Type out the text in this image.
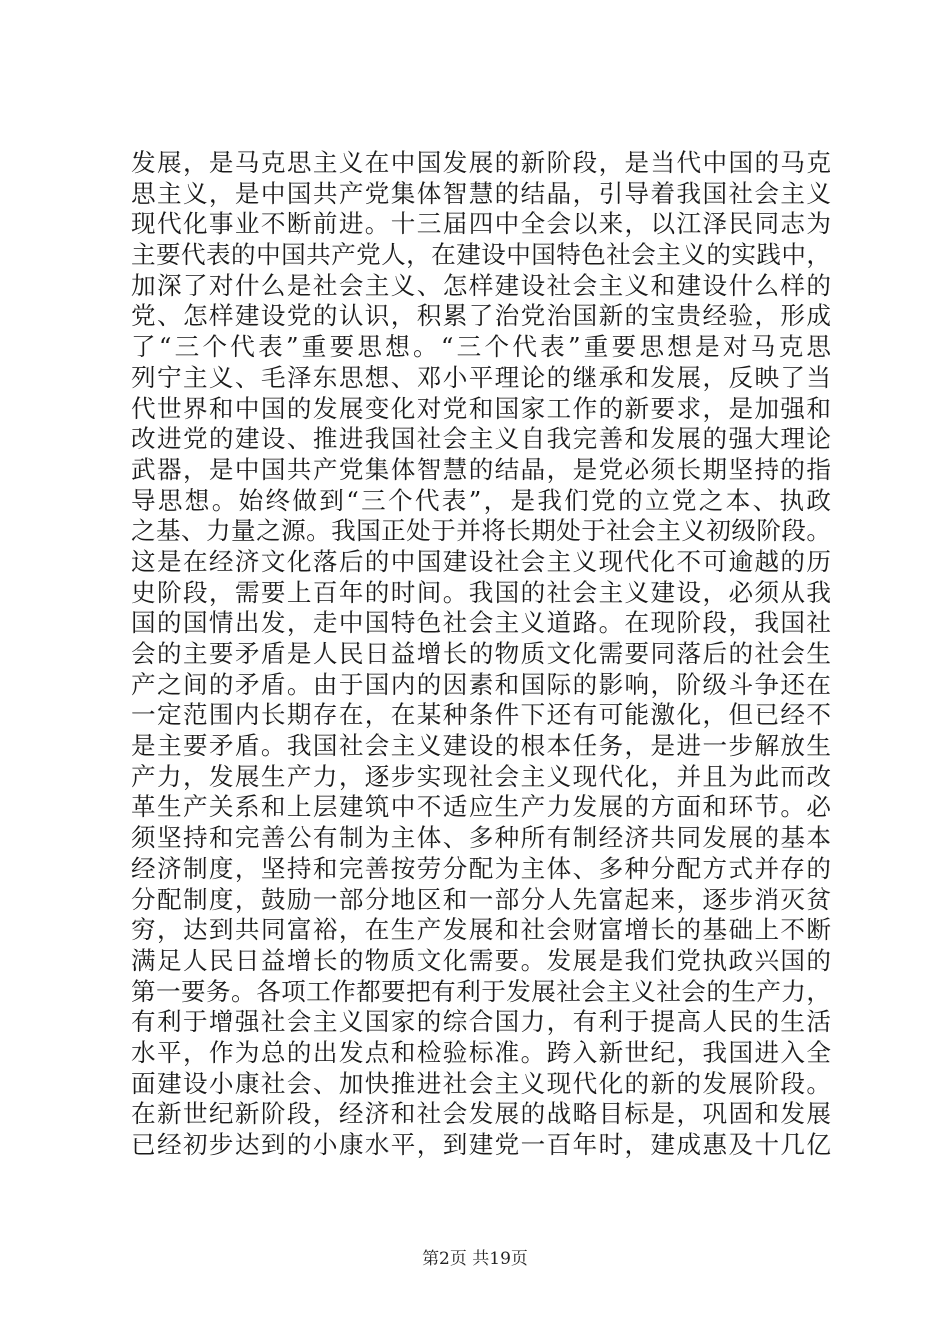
发展，是马克思主义在中国发展的新阶段，是当代中国的马克
思主义，是中国共产党集体智慧的结晶，引导着我国社会主义
现代化事业不断前进。十三届四中全会以来，以江泽民同志为
主要代表的中国共产党人，在建设中国特色社会主义的实践中，
加深了对什么是社会主义、怎样建设社会主义和建设什么样的
党、怎样建设党的认识，积累了治党治国新的宝贵经验，形成
了“三个代表”重要思想。“三个代表”重要思想是对马克思
列宁主义、毛泽东思想、邓小平理论的继承和发展，反映了当
代世界和中国的发展变化对党和国家工作的新要求，是加强和
改进党的建设、推进我国社会主义自我完善和发展的强大理论
武器，是中国共产党集体智慧的结晶，是党必须长期坚持的指
导思想。始终做到“三个代表”，是我们党的立党之本、执政
之基、力量之源。我国正处于并将长期处于社会主义初级阶段。
这是在经济文化落后的中国建设社会主义现代化不可逾越的历
史阶段，需要上百年的时间。我国的社会主义建设，必须从我
国的国情出发，走中国特色社会主义道路。在现阶段，我国社
会的主要矛盾是人民日益增长的物质文化需要同落后的社会生
产之间的矛盾。由于国内的因素和国际的影响，阶级斗争还在
一定范围内长期存在，在某种条件下还有可能激化，但已经不
是主要矛盾。我国社会主义建设的根本任务，是进一步解放生
产力，发展生产力，逐步实现社会主义现代化，并且为此而改
革生产关系和上层建筑中不适应生产力发展的方面和环节。必
须坚持和完善公有制为主体、多种所有制经济共同发展的基本
经济制度，坚持和完善按劳分配为主体、多种分配方式并存的
分配制度，鼓励一部分地区和一部分人先富起来，逐步消灭贫
穷，达到共同富裕，在生产发展和社会财富增长的基础上不断
满足人民日益增长的物质文化需要。发展是我们党执政兴国的
第一要务。各项工作都要把有利于发展社会主义社会的生产力，
有利于增强社会主义国家的综合国力，有利于提高人民的生活
水平，作为总的出发点和检验标准。跨入新世纪，我国进入全
面建设小康社会、加快推进社会主义现代化的新的发展阶段。
在新世纪新阶段，经济和社会发展的战略目标是，巩固和发展
已经初步达到的小康水平，到建党一百年时，建成惠及十几亿
第2页 共19页
